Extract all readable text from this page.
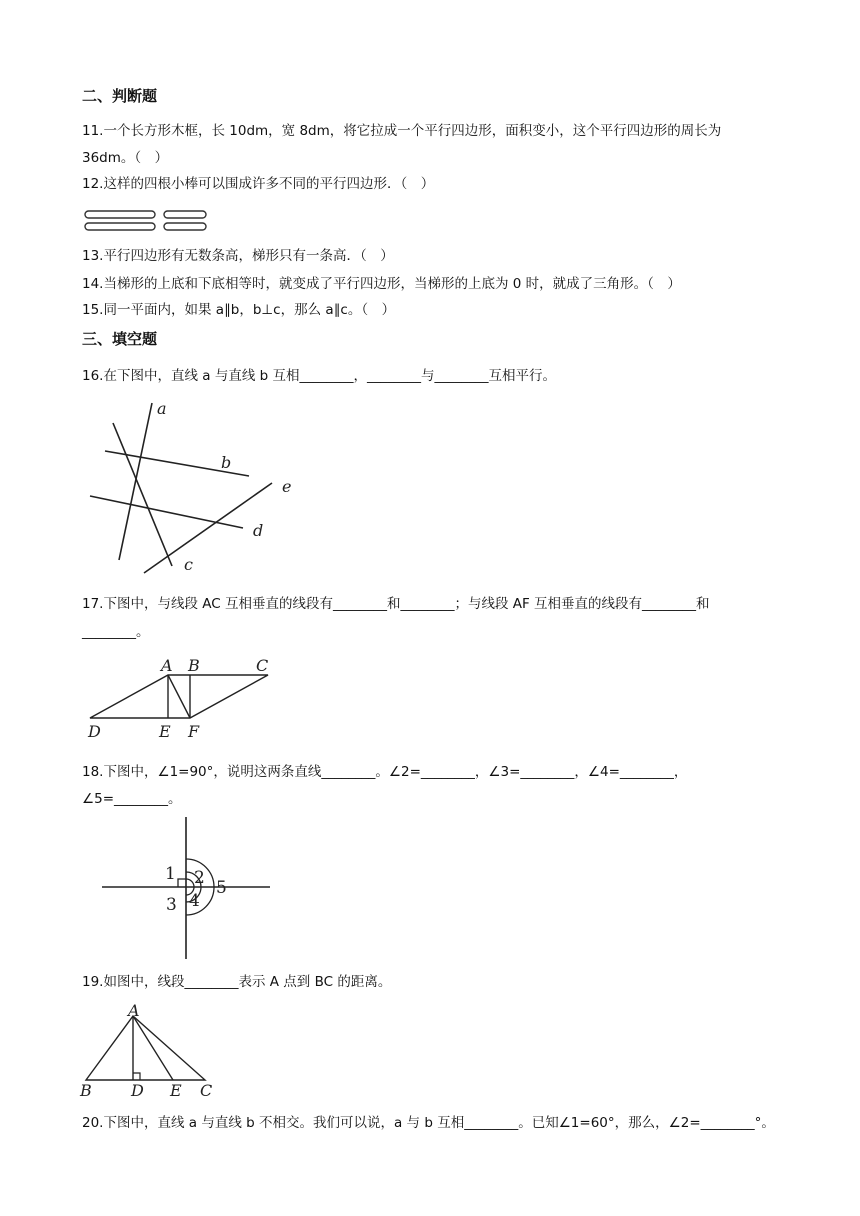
二、判断题
11.一个长方形木框，长 10dm，宽 8dm，将它拉成一个平行四边形，面积变小，这个平行四边形的周长为
36dm。（　）
12.这样的四根小棒可以围成许多不同的平行四边形．（　）
13.平行四边形有无数条高，梯形只有一条高．（　）
14.当梯形的上底和下底相等时，就变成了平行四边形，当梯形的上底为 0 时，就成了三角形。（　）
15.同一平面内，如果 a∥b，b⊥c，那么 a∥c。（　）
三、填空题
16.在下图中，直线 a 与直线 b 互相________，________与________互相平行。
a
b
c
d
e
17.下图中，与线段 AC 互相垂直的线段有________和________；与线段 AF 互相垂直的线段有________和
________。
A B	C
D	E F
18.下图中，∠1=90°，说明这两条直线________。∠2=________，∠3=________，∠4=________，
∠5=________。
1 2
3 4
5
19.如图中，线段________表示 A 点到 BC 的距离。
A
B D E C
20.下图中，直线 a 与直线 b 不相交。我们可以说，a 与 b 互相________。已知∠1=60°，那么，∠2=________°。
